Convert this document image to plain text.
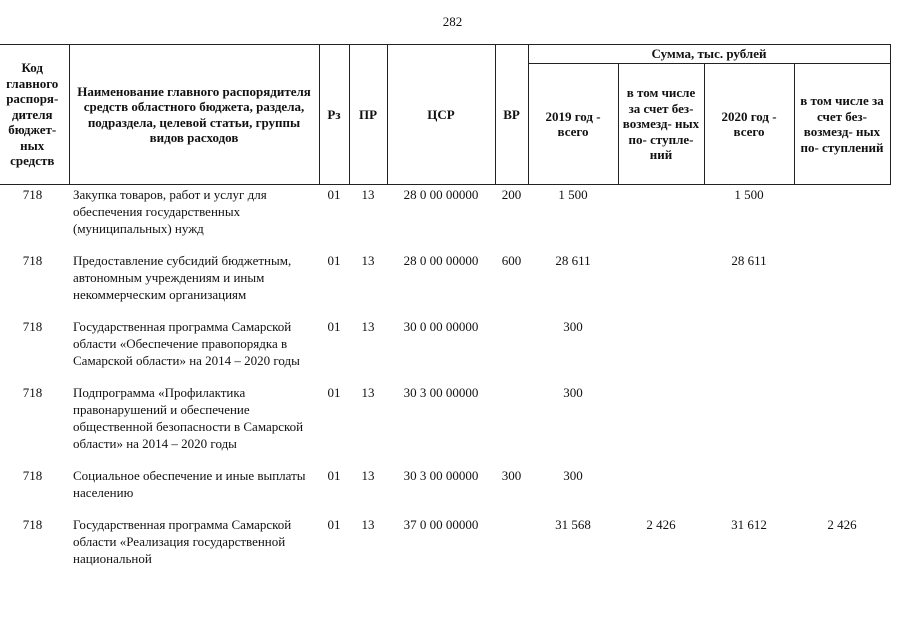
282
Код главного распоря- дителя бюджет- ных средств	Наименование главного распорядителя средств областного бюджета, раздела, подраздела, целевой статьи, группы видов расходов	Рз	ПР	ЦСР	ВР	Сумма, тыс. рублей			
						2019 год - всего	в том числе за счет без- возмезд- ных по- ступле- ний	2020 год - всего	в том числе за счет без- возмезд- ных по- ступлений
718	Закупка товаров, работ и услуг для обеспечения государственных (муниципальных) нужд	01	13	28 0 00 00000	200	1 500		1 500	
718	Предоставление субсидий бюджетным, автономным учреждениям и иным некоммерческим организациям	01	13	28 0 00 00000	600	28 611		28 611	
718	Государственная программа Самарской области «Обеспечение правопорядка в Самарской области» на 2014 – 2020 годы	01	13	30 0 00 00000		300			
718	Подпрограмма «Профилактика правонарушений и обеспечение общественной безопасности в Самарской области» на 2014 – 2020 годы	01	13	30 3 00 00000		300			
718	Социальное обеспечение и иные выплаты населению	01	13	30 3 00 00000	300	300			
718	Государственная программа Самарской области «Реализация государственной национальной	01	13	37 0 00 00000		31 568	2 426	31 612	2 426
